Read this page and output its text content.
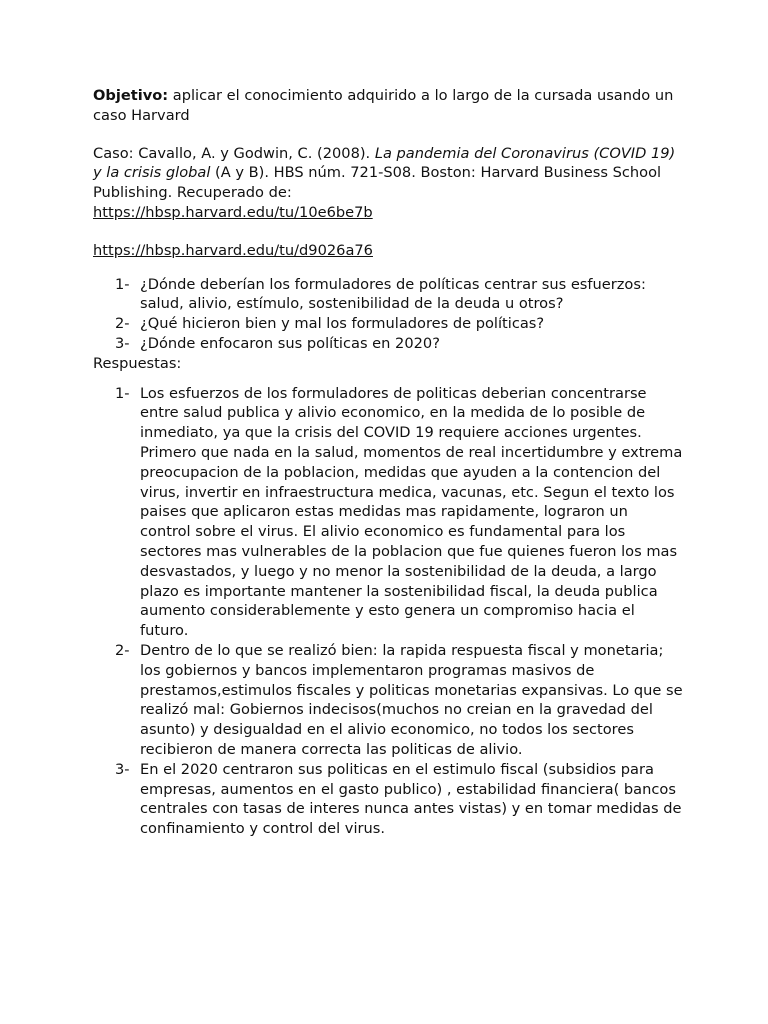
Objetivo: aplicar el conocimiento adquirido a lo largo de la cursada usando un caso Harvard

Caso: Cavallo, A. y Godwin, C. (2008). La pandemia del Coronavirus (COVID 19) y la crisis global (A y B). HBS núm. 721-S08. Boston: Harvard Business School Publishing. Recuperado de:
https://hbsp.harvard.edu/tu/10e6be7b

https://hbsp.harvard.edu/tu/d9026a76

1- ¿Dónde deberían los formuladores de políticas centrar sus esfuerzos: salud, alivio, estímulo, sostenibilidad de la deuda u otros?
2- ¿Qué hicieron bien y mal los formuladores de políticas?
3- ¿Dónde enfocaron sus políticas en 2020?

Respuestas:

1- Los esfuerzos de los formuladores de politicas deberian concentrarse entre salud publica y alivio economico, en la medida de lo posible de inmediato, ya que la crisis del COVID 19 requiere acciones urgentes. Primero que nada en la salud, momentos de real incertidumbre y extrema preocupacion de la poblacion, medidas que ayuden a la contencion del virus, invertir en infraestructura medica, vacunas, etc. Segun el texto los paises que aplicaron estas medidas mas rapidamente, lograron un control sobre el virus. El alivio economico es fundamental para los sectores mas vulnerables de la poblacion que fue quienes fueron los mas desvastados, y luego y no menor la sostenibilidad de la deuda, a largo plazo es importante mantener la sostenibilidad fiscal, la deuda publica aumento considerablemente y esto genera un compromiso hacia el futuro.
2- Dentro de lo que se realizó bien: la rapida respuesta fiscal y monetaria; los gobiernos y bancos implementaron programas masivos de prestamos,estimulos fiscales y politicas monetarias expansivas. Lo que se realizó mal: Gobiernos indecisos(muchos no creian en la gravedad del asunto) y desigualdad en el alivio economico, no todos los sectores recibieron de manera correcta las politicas de alivio.
3- En el 2020 centraron sus politicas en el estimulo fiscal (subsidios para empresas, aumentos en el gasto publico) , estabilidad financiera( bancos centrales con tasas de interes nunca antes vistas) y en tomar medidas de confinamiento y control del virus.
